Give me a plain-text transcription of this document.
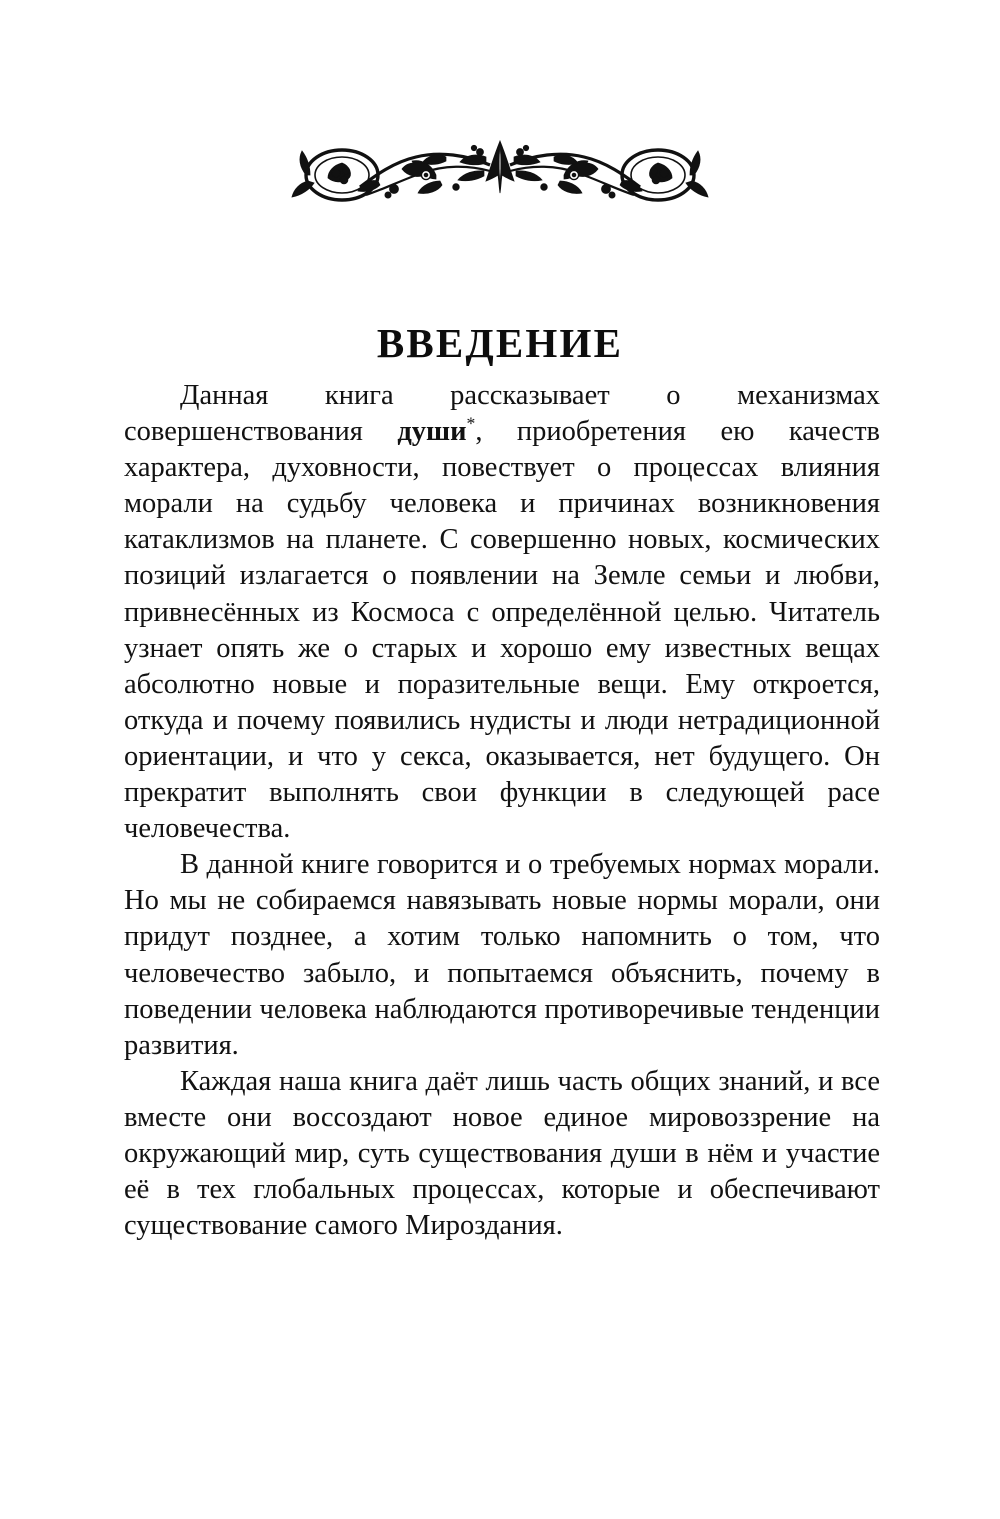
ВВЕДЕНИЕ

Данная книга рассказывает о механизмах совершенствования души*, приобретения ею качеств характера, духовности, повествует о процессах влияния морали на судьбу человека и причинах возникновения катаклизмов на планете. С совершенно новых, космических позиций излагается о появлении на Земле семьи и любви, привнесённых из Космоса с определённой целью. Читатель узнает опять же о старых и хорошо ему известных вещах абсолютно новые и поразительные вещи. Ему откроется, откуда и почему появились нудисты и люди нетрадиционной ориентации, и что у секса, оказывается, нет будущего. Он прекратит выполнять свои функции в следующей расе человечества.

В данной книге говорится и о требуемых нормах морали. Но мы не собираемся навязывать новые нормы морали, они придут позднее, а хотим только напомнить о том, что человечество забыло, и попытаемся объяснить, почему в поведении человека наблюдаются противоречивые тенденции развития.

Каждая наша книга даёт лишь часть общих знаний, и все вместе они воссоздают новое единое мировоззрение на окружающий мир, суть существования души в нём и участие её в тех глобальных процессах, которые и обеспечивают существование самого Мироздания.
